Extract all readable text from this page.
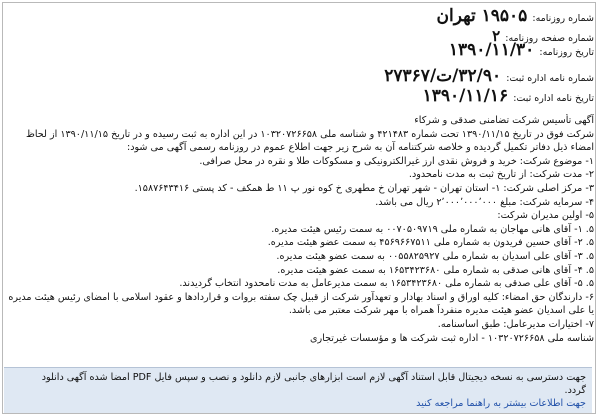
شماره روزنامه: ۱۹۵۰۵ تهران
شماره صفحه روزنامه: ۲
تاریخ روزنامه: ۱۳۹۰/۱۱/۳۰
شماره نامه اداره ثبت: ۳۲/۹۰/ت/۲۷۳۶۷
تاریخ نامه اداره ثبت: ۱۳۹۰/۱۱/۱۶
آگهی تأسیس شرکت تضامنی صدقی و شرکاء
شرکت فوق در تاریخ ۱۳۹۰/۱۱/۱۵ تحت شماره ۴۲۱۴۸۳ و شناسه ملی ۱۰۳۲۰۷۲۶۶۵۸ در این اداره به ثبت رسیده و در تاریخ ۱۳۹۰/۱۱/۱۵ از لحاظ
امضاء ذیل دفاتر تکمیل گردیده و خلاصه شرکتنامه آن به شرح زیر جهت اطلاع عموم در روزنامه رسمی آگهی می شود:
۱- موضوع شرکت: خرید و فروش نقدی ارز غیرالکترونیکی و مسکوکات طلا و نقره در محل صرافی.
۲- مدت شرکت: از تاریخ ثبت به مدت نامحدود.
۳- مرکز اصلی شرکت: ۱- استان تهران - شهر تهران خ مطهری خ کوه نور پ ۱۱ ط همکف - کد پستی ۱۵۸۷۶۴۳۴۱۶.
۴- سرمایه شرکت: مبلغ ۲٬۰۰۰٬۰۰۰٬۰۰۰ ریال می باشد.
۵- اولین مدیران شرکت:
۵. ۱- آقای هانی مهاجان به شماره ملی ۰۰۷۰۵۰۹۷۱۹ به سمت رئیس هیئت مدیره.
۵. ۲- آقای حسین فریدون به شماره ملی ۴۵۶۹۶۶۷۵۱۱ به سمت عضو هیئت مدیره.
۵. ۳- آقای علی اسدیان به شماره ملی ۰۰۵۵۸۲۵۹۲۷ به سمت عضو هیئت مدیره.
۵. ۴- آقای هانی صدقی به شماره ملی ۱۶۵۳۴۲۳۶۸۰ به سمت عضو هیئت مدیره.
۵. ۵- آقای علی صدقی به شماره ملی ۱۶۵۳۴۲۳۶۸۰ به سمت مدیرعامل به مدت نامحدود انتخاب گردیدند.
۶- دارندگان حق امضاء: کلیه اوراق و اسناد بهادار و تعهدآور شرکت از قبیل چک سفته بروات و قراردادها و عقود اسلامی با امضای رئیس هیئت مدیره
یا علی اسدیان عضو هیئت مدیره منفرداً همراه با مهر شرکت معتبر می باشد.
۷- اختیارات مدیرعامل: طبق اساسنامه.
شناسه ملی ۱۰۳۲۰۷۲۶۶۵۸ - اداره ثبت شرکت ها و مؤسسات غیرتجاری
جهت دسترسی به نسخه دیجیتال قابل استناد آگهی لازم است ابزارهای جانبی لازم دانلود و نصب و سپس فایل PDF امضا شده آگهی دانلود
گردد.
جهت اطلاعات بیشتر به راهنما مراجعه کنید
